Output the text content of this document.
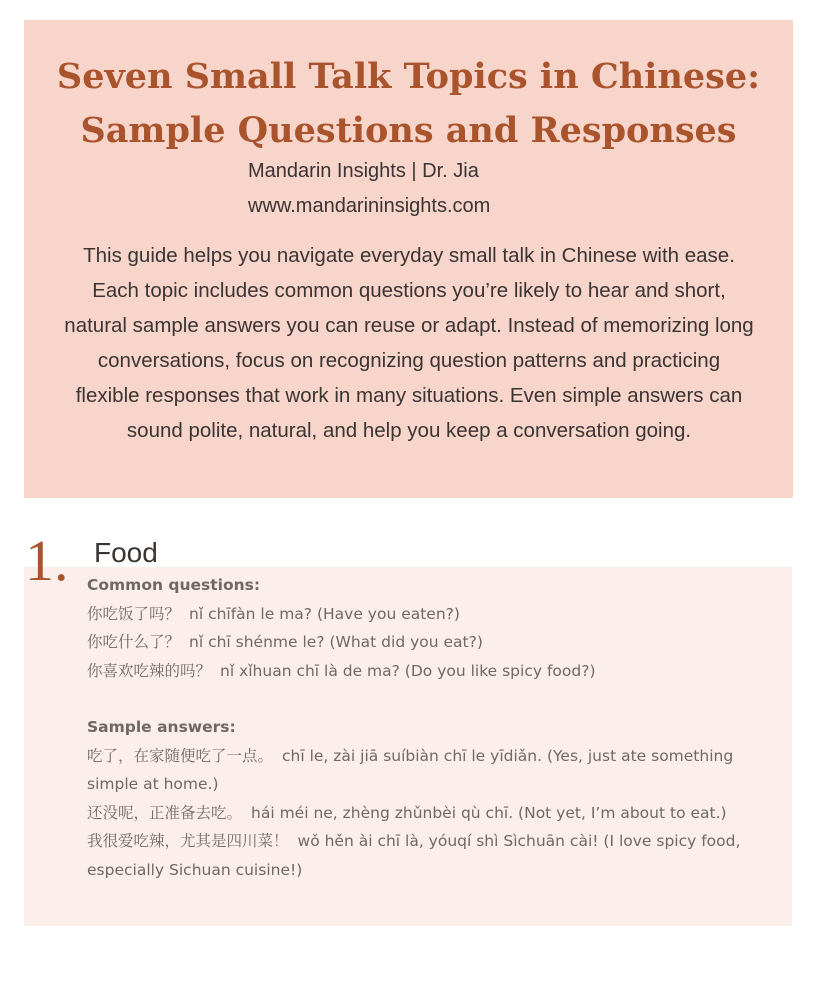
Seven Small Talk Topics in Chinese:
Sample Questions and Responses
Mandarin Insights | Dr. Jia
www.mandarininsights.com

This guide helps you navigate everyday small talk in Chinese with ease. Each topic includes common questions you’re likely to hear and short, natural sample answers you can reuse or adapt. Instead of memorizing long conversations, focus on recognizing question patterns and practicing flexible responses that work in many situations. Even simple answers can sound polite, natural, and help you keep a conversation going.

1. Food
Common questions:
你吃饭了吗？ nǐ chīfàn le ma? (Have you eaten?)
你吃什么了？ nǐ chī shénme le? (What did you eat?)
你喜欢吃辣的吗？ nǐ xǐhuan chī là de ma? (Do you like spicy food?)
Sample answers:
吃了，在家随便吃了一点。 chī le, zài jiā suíbiàn chī le yīdiǎn. (Yes, just ate something simple at home.)
还没呢，正准备去吃。 hái méi ne, zhèng zhǔnbèi qù chī. (Not yet, I’m about to eat.)
我很爱吃辣，尤其是四川菜！ wǒ hěn ài chī là, yóuqí shì Sìchuān cài! (I love spicy food, especially Sichuan cuisine!)
